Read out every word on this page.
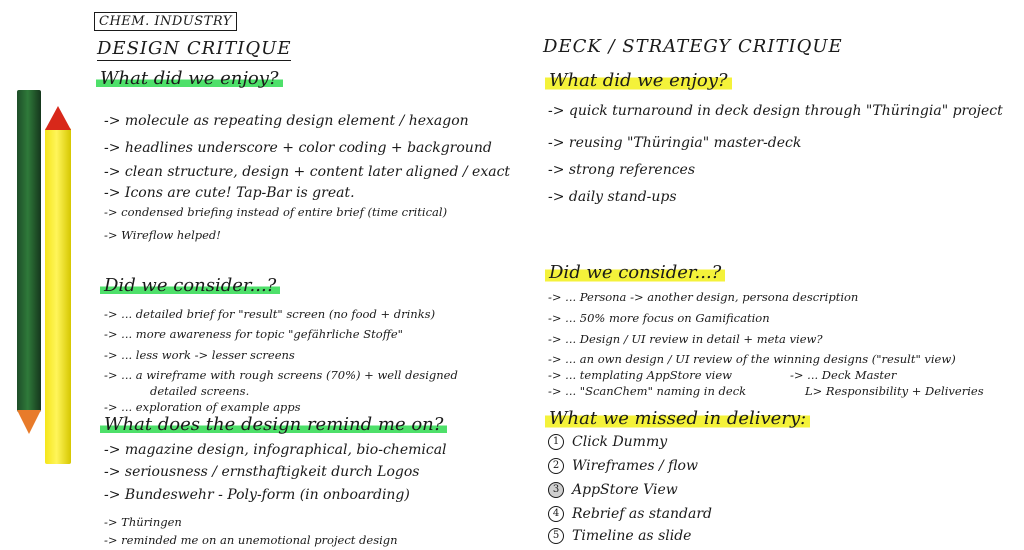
CHEM. INDUSTRY
DESIGN CRITIQUE
What did we enjoy?
-> molecule as repeating design element / hexagon
-> headlines underscore + color coding + background
-> clean structure, design + content later aligned / exact
-> Icons are cute! Tap-Bar is great.
-> condensed briefing instead of entire brief (time critical)
-> Wireflow helped!
Did we consider...?
-> ... detailed brief for "result" screen (no food + drinks)
-> ... more awareness for topic "gefährliche Stoffe"
-> ... less work -> lesser screens
-> ... a wireframe with rough screens (70%) + well designed
detailed screens.
-> ... exploration of example apps
What does the design remind me on?
-> magazine design, infographical, bio-chemical
-> seriousness / ernsthaftigkeit durch Logos
-> Bundeswehr - Poly-form (in onboarding)
-> Thüringen
-> reminded me on an unemotional project design
DECK / STRATEGY CRITIQUE
What did we enjoy?
-> quick turnaround in deck design through "Thüringia" project
-> reusing "Thüringia" master-deck
-> strong references
-> daily stand-ups
Did we consider...?
-> ... Persona -> another design, persona description
-> ... 50% more focus on Gamification
-> ... Design / UI review in detail + meta view?
-> ... an own design / UI review of the winning designs ("result" view)
-> ... templating AppStore view
-> ... "ScanChem" naming in deck
-> ... Deck Master
L> Responsibility + Deliveries
What we missed in delivery:
1 Click Dummy
2 Wireframes / flow
3 AppStore View
4 Rebrief as standard
5 Timeline as slide
